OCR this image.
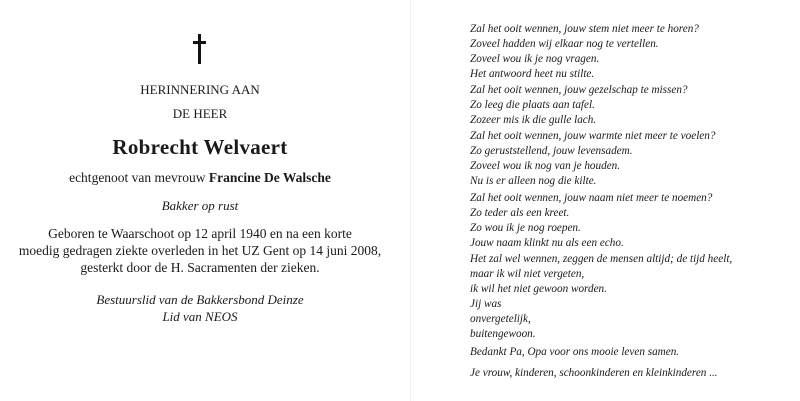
HERINNERING AAN
DE HEER
Robrecht Welvaert
echtgenoot van mevrouw Francine De Walsche
Bakker op rust
Geboren te Waarschoot op 12 april 1940 en na een korte
moedig gedragen ziekte overleden in het UZ Gent op 14 juni 2008,
gesterkt door de H. Sacramenten der zieken.
Bestuurslid van de Bakkersbond Deinze
Lid van NEOS
Zal het ooit wennen, jouw stem niet meer te horen?
Zoveel hadden wij elkaar nog te vertellen.
Zoveel wou ik je nog vragen.
Het antwoord heet nu stilte.
Zal het ooit wennen, jouw gezelschap te missen?
Zo leeg die plaats aan tafel.
Zozeer mis ik die gulle lach.
Zal het ooit wennen, jouw warmte niet meer te voelen?
Zo geruststellend, jouw levensadem.
Zoveel wou ik nog van je houden.
Nu is er alleen nog die kilte.
Zal het ooit wennen, jouw naam niet meer te noemen?
Zo teder als een kreet.
Zo wou ik je nog roepen.
Jouw naam klinkt nu als een echo.
Het zal wel wennen, zeggen de mensen altijd; de tijd heelt,
maar ik wil niet vergeten,
ik wil het niet gewoon worden.
Jij was
onvergetelijk,
buitengewoon.
Bedankt Pa, Opa voor ons mooie leven samen.
Je vrouw, kinderen, schoonkinderen en kleinkinderen ...
